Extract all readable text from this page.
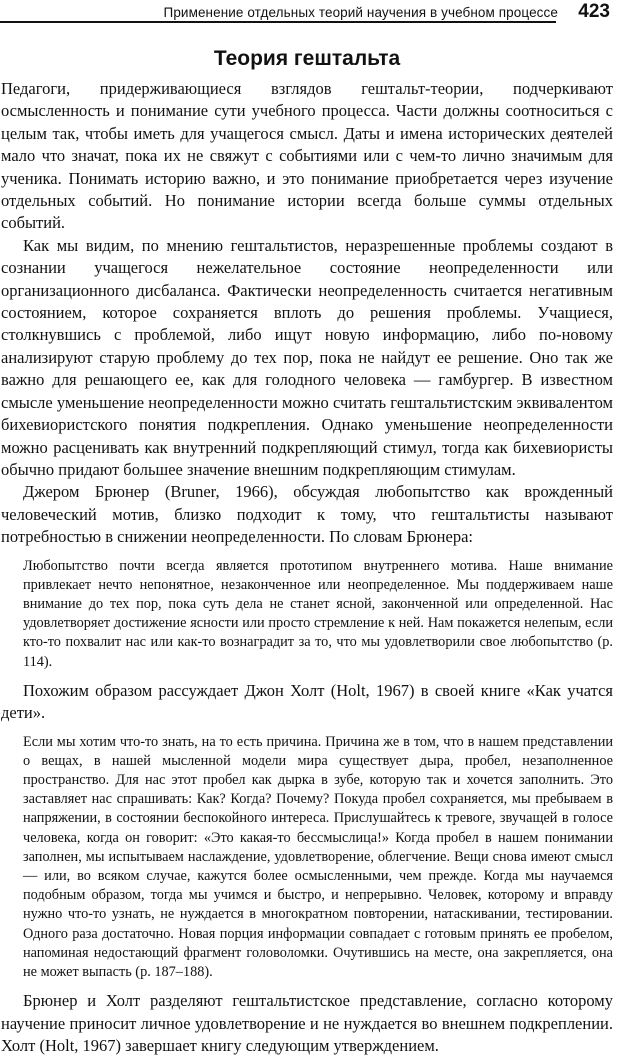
Применение отдельных теорий научения в учебном процессе 423
Теория гештальта

Педагоги, придерживающиеся взглядов гештальт-теории, подчеркивают осмысленность и понимание сути учебного процесса. Части должны соотноситься с целым так, чтобы иметь для учащегося смысл. Даты и имена исторических деятелей мало что значат, пока их не свяжут с событиями или с чем-то лично значимым для ученика. Понимать историю важно, и это понимание приобретается через изучение отдельных событий. Но понимание истории всегда больше суммы отдельных событий.

Как мы видим, по мнению гештальтистов, неразрешенные проблемы создают в сознании учащегося нежелательное состояние неопределенности или организационного дисбаланса. Фактически неопределенность считается негативным состоянием, которое сохраняется вплоть до решения проблемы. Учащиеся, столкнувшись с проблемой, либо ищут новую информацию, либо по-новому анализируют старую проблему до тех пор, пока не найдут ее решение. Оно так же важно для решающего ее, как для голодного человека — гамбургер. В известном смысле уменьшение неопределенности можно считать гештальтистским эквивалентом бихевиористского понятия подкрепления. Однако уменьшение неопределенности можно расценивать как внутренний подкрепляющий стимул, тогда как бихевиористы обычно придают большее значение внешним подкрепляющим стимулам.

Джером Брюнер (Bruner, 1966), обсуждая любопытство как врожденный человеческий мотив, близко подходит к тому, что гештальтисты называют потребностью в снижении неопределенности. По словам Брюнера:

Любопытство почти всегда является прототипом внутреннего мотива. Наше внимание привлекает нечто непонятное, незаконченное или неопределенное. Мы поддерживаем наше внимание до тех пор, пока суть дела не станет ясной, законченной или определенной. Нас удовлетворяет достижение ясности или просто стремление к ней. Нам покажется нелепым, если кто-то похвалит нас или как-то вознаградит за то, что мы удовлетворили свое любопытство (р. 114).

Похожим образом рассуждает Джон Холт (Holt, 1967) в своей книге «Как учатся дети».

Если мы хотим что-то знать, на то есть причина. Причина же в том, что в нашем представлении о вещах, в нашей мысленной модели мира существует дыра, пробел, незаполненное пространство. Для нас этот пробел как дырка в зубе, которую так и хочется заполнить. Это заставляет нас спрашивать: Как? Когда? Почему? Покуда пробел сохраняется, мы пребываем в напряжении, в состоянии беспокойного интереса. Прислушайтесь к тревоге, звучащей в голосе человека, когда он говорит: «Это какая-то бессмыслица!» Когда пробел в нашем понимании заполнен, мы испытываем наслаждение, удовлетворение, облегчение. Вещи снова имеют смысл — или, во всяком случае, кажутся более осмысленными, чем прежде. Когда мы научаемся подобным образом, тогда мы учимся и быстро, и непрерывно. Человек, которому и вправду нужно что-то узнать, не нуждается в многократном повторении, натаскивании, тестировании. Одного раза достаточно. Новая порция информации совпадает с готовым принять ее пробелом, напоминая недостающий фрагмент головоломки. Очутившись на месте, она закрепляется, она не может выпасть (р. 187–188).

Брюнер и Холт разделяют гештальтистское представление, согласно которому научение приносит личное удовлетворение и не нуждается во внешнем подкреплении. Холт (Holt, 1967) завершает книгу следующим утверждением.
